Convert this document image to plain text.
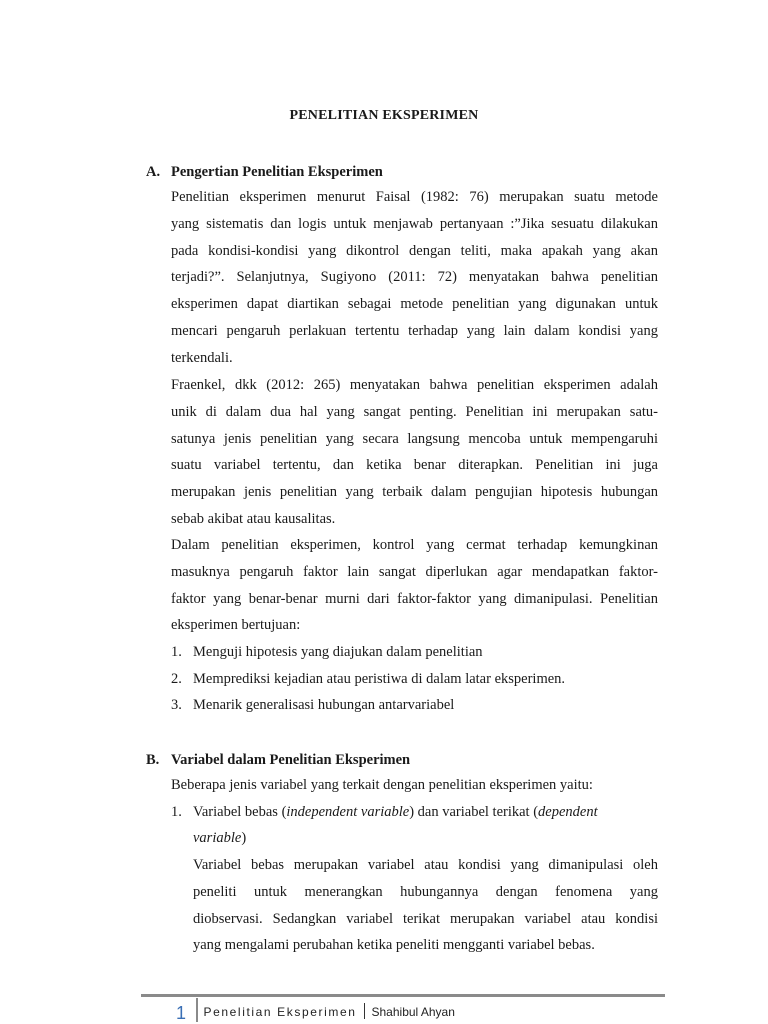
PENELITIAN EKSPERIMEN
A. Pengertian Penelitian Eksperimen
Penelitian eksperimen menurut Faisal (1982: 76) merupakan suatu metode
yang sistematis dan logis untuk menjawab pertanyaan :”Jika sesuatu dilakukan
pada kondisi-kondisi yang dikontrol dengan teliti, maka apakah yang akan
terjadi?”. Selanjutnya, Sugiyono (2011: 72) menyatakan bahwa penelitian
eksperimen dapat diartikan sebagai metode penelitian yang digunakan untuk
mencari pengaruh perlakuan tertentu terhadap yang lain dalam kondisi yang
terkendali.
Fraenkel, dkk (2012: 265) menyatakan bahwa penelitian eksperimen adalah
unik di dalam dua hal yang sangat penting. Penelitian ini merupakan satu-
satunya jenis penelitian yang secara langsung mencoba untuk mempengaruhi
suatu variabel tertentu, dan ketika benar diterapkan. Penelitian ini juga
merupakan jenis penelitian yang terbaik dalam pengujian hipotesis hubungan
sebab akibat atau kausalitas.
Dalam penelitian eksperimen, kontrol yang cermat terhadap kemungkinan
masuknya pengaruh faktor lain sangat diperlukan agar mendapatkan faktor-
faktor yang benar-benar murni dari faktor-faktor yang dimanipulasi. Penelitian
eksperimen bertujuan:
1. Menguji hipotesis yang diajukan dalam penelitian
2. Memprediksi kejadian atau peristiwa di dalam latar eksperimen.
3. Menarik generalisasi hubungan antarvariabel
B. Variabel dalam Penelitian Eksperimen
Beberapa jenis variabel yang terkait dengan penelitian eksperimen yaitu:
1. Variabel bebas (independent variable) dan variabel terikat (dependent
variable)
Variabel bebas merupakan variabel atau kondisi yang dimanipulasi oleh
peneliti untuk menerangkan hubungannya dengan fenomena yang
diobservasi. Sedangkan variabel terikat merupakan variabel atau kondisi
yang mengalami perubahan ketika peneliti mengganti variabel bebas.
1 Penelitian Eksperimen Shahibul Ahyan
